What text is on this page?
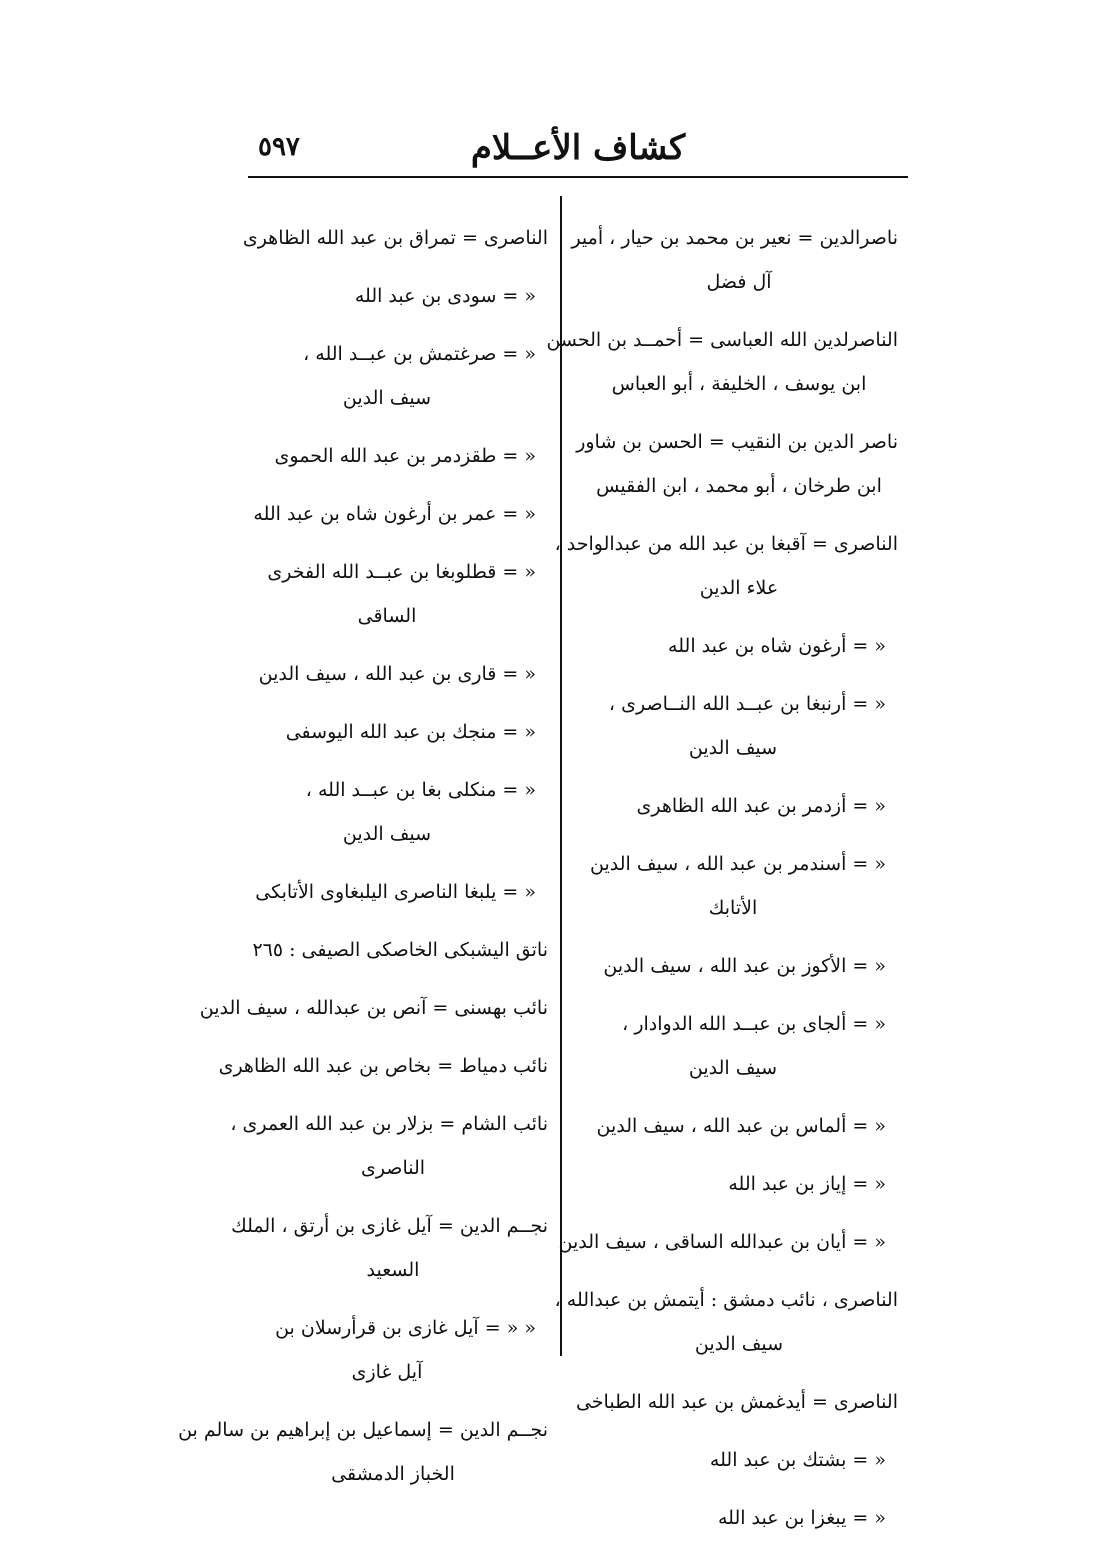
كشاف الأعــلام
٥٩٧
ناصرالدين = نعير بن محمد بن حيار ، أمير
آل فضل
الناصرلدين الله العباسى = أحمــد بن الحسن
ابن يوسف ، الخليفة ، أبو العباس
ناصر الدين بن النقيب = الحسن بن شاور
ابن طرخان ، أبو محمد ، ابن الفقيس
الناصرى = آقبغا بن عبد الله من عبدالواحد ،
علاء الدين
« = أرغون شاه بن عبد الله
« = أرنبغا بن عبــد الله النــاصرى ،
سيف الدين
« = أزدمر بن عبد الله الظاهرى
« = أسندمر بن عبد الله ، سيف الدين
الأتابك
« = الأكوز بن عبد الله ، سيف الدين
« = ألجاى بن عبــد الله الدوادار ،
سيف الدين
« = ألماس بن عبد الله ، سيف الدين
« = إياز بن عبد الله
« = أيان بن عبدالله الساقى ، سيف الدين
الناصرى ، نائب دمشق : أيتمش بن عبدالله ،
سيف الدين
الناصرى = أيدغمش بن عبد الله الطباخى
« = بشتك بن عبد الله
« = يبغزا بن عبد الله
الناصرى = تمراق بن عبد الله الظاهرى
« = سودى بن عبد الله
« = صرغتمش بن عبــد الله ،
سيف الدين
« = طقزدمر بن عبد الله الحموى
« = عمر بن أرغون شاه بن عبد الله
« = قطلوبغا بن عبــد الله الفخرى
الساقى
« = قارى بن عبد الله ، سيف الدين
« = منجك بن عبد الله اليوسفى
« = منكلى بغا بن عبــد الله ،
سيف الدين
« = يلبغا الناصرى اليلبغاوى الأتابكى
ناتق اليشبكى الخاصكى الصيفى : ٢٦٥
نائب بهسنى = آنص بن عبدالله ، سيف الدين
نائب دمياط = بخاص بن عبد الله الظاهرى
نائب الشام = بزلار بن عبد الله العمرى ،
الناصرى
نجــم الدين = آيل غازى بن أرتق ، الملك
السعيد
« « = آيل غازى بن قرأرسلان بن
آيل غازى
نجــم الدين = إسماعيل بن إبراهيم بن سالم بن
الخباز الدمشقى
